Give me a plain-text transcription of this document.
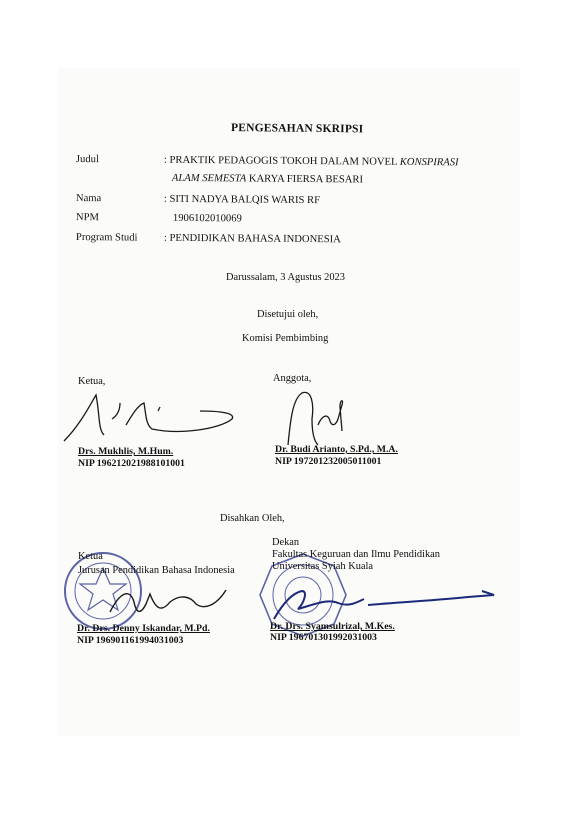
PENGESAHAN SKRIPSI
Judul	: PRAKTIK PEDAGOGIS TOKOH DALAM NOVEL KONSPIRASI
ALAM SEMESTA KARYA FIERSA BESARI
Nama	: SITI NADYA BALQIS WARIS RF
NPM	1906102010069
Program Studi : PENDIDIKAN BAHASA INDONESIA
Darussalam, 3 Agustus 2023
Disetujui oleh,
Komisi Pembimbing
Ketua,
Drs. Mukhlis, M.Hum.
NIP 196212021988101001
Anggota,
Dr. Budi Arianto, S.Pd., M.A.
NIP 197201232005011001
Disahkan Oleh,
Ketua
Jurusan Pendidikan Bahasa Indonesia
Dr. Drs. Denny Iskandar, M.Pd.
NIP 196901161994031003
Dekan
Fakultas Keguruan dan Ilmu Pendidikan
Universitas Syiah Kuala
Dr. Drs. Syamsulrizal, M.Kes.
NIP 196701301992031003
